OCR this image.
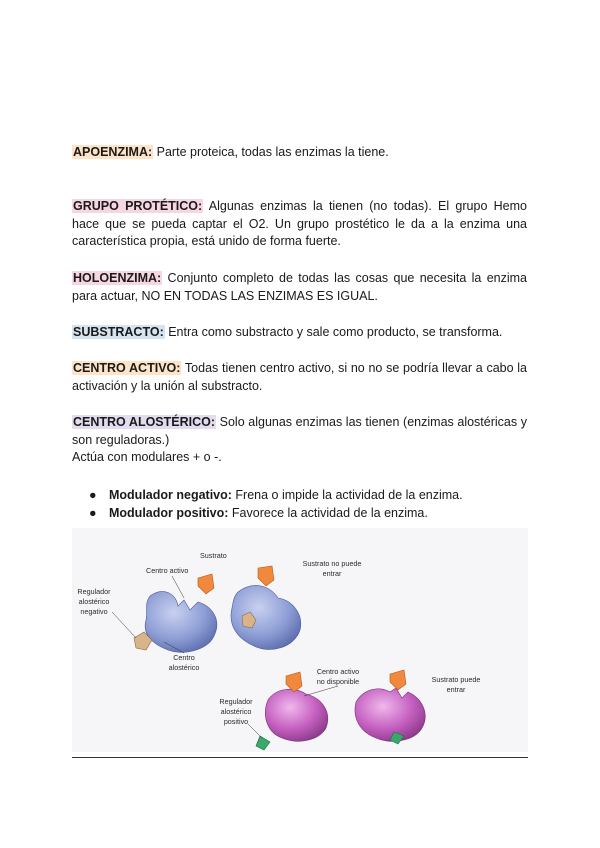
APOENZIMA: Parte proteica, todas las enzimas la tiene.
GRUPO PROTÉTICO: Algunas enzimas la tienen (no todas). El grupo Hemo hace que se pueda captar el O2. Un grupo prostético le da a la enzima una característica propia, está unido de forma fuerte.
HOLOENZIMA: Conjunto completo de todas las cosas que necesita la enzima para actuar, NO EN TODAS LAS ENZIMAS ES IGUAL.
SUBSTRACTO: Entra como substracto y sale como producto, se transforma.
CENTRO ACTIVO: Todas tienen centro activo, si no no se podría llevar a cabo la activación y la unión al substracto.
CENTRO ALOSTÉRICO: Solo algunas enzimas las tienen (enzimas alostéricas y son reguladoras.)
Actúa con modulares + o -.
● Modulador negativo: Frena o impide la actividad de la enzima.
● Modulador positivo: Favorece la actividad de la enzima.
Sustrato
Centro activo
Regulador
alostérico
negativo
Centro
alostérico
Sustrato no puede
entrar
Centro activo
no disponible	Sustrato puede
entrar
Regulador
alostérico
positivo
